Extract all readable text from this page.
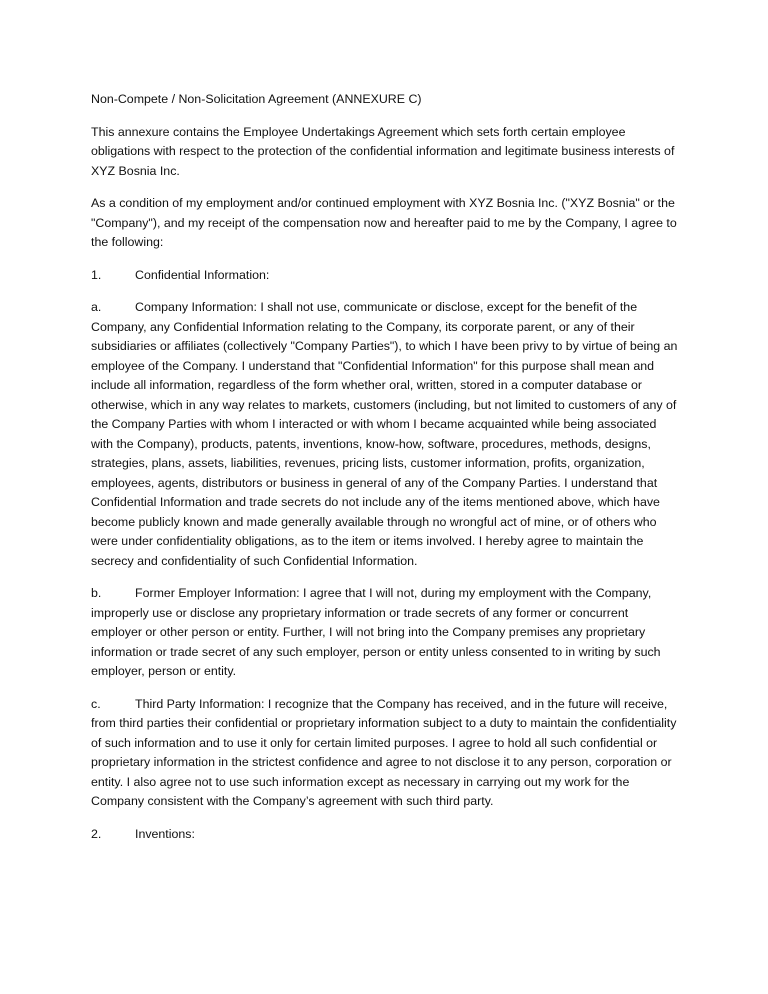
Non-Compete / Non-Solicitation Agreement (ANNEXURE C)

This annexure contains the Employee Undertakings Agreement which sets forth certain employee obligations with respect to the protection of the confidential information and legitimate business interests of XYZ Bosnia Inc.

As a condition of my employment and/or continued employment with XYZ Bosnia Inc. ("XYZ Bosnia" or the "Company"), and my receipt of the compensation now and hereafter paid to me by the Company, I agree to the following:

1.	Confidential Information:

a.	Company Information: I shall not use, communicate or disclose, except for the benefit of the Company, any Confidential Information relating to the Company, its corporate parent, or any of their subsidiaries or affiliates (collectively "Company Parties"), to which I have been privy to by virtue of being an employee of the Company. I understand that "Confidential Information" for this purpose shall mean and include all information, regardless of the form whether oral, written, stored in a computer database or otherwise, which in any way relates to markets, customers (including, but not limited to customers of any of the Company Parties with whom I interacted or with whom I became acquainted while being associated with the Company), products, patents, inventions, know-how, software, procedures, methods, designs, strategies, plans, assets, liabilities, revenues, pricing lists, customer information, profits, organization, employees, agents, distributors or business in general of any of the Company Parties. I understand that Confidential Information and trade secrets do not include any of the items mentioned above, which have become publicly known and made generally available through no wrongful act of mine, or of others who were under confidentiality obligations, as to the item or items involved. I hereby agree to maintain the secrecy and confidentiality of such Confidential Information.

b.	Former Employer Information: I agree that I will not, during my employment with the Company, improperly use or disclose any proprietary information or trade secrets of any former or concurrent employer or other person or entity. Further, I will not bring into the Company premises any proprietary information or trade secret of any such employer, person or entity unless consented to in writing by such employer, person or entity.

c.	Third Party Information: I recognize that the Company has received, and in the future will receive, from third parties their confidential or proprietary information subject to a duty to maintain the confidentiality of such information and to use it only for certain limited purposes. I agree to hold all such confidential or proprietary information in the strictest confidence and agree to not disclose it to any person, corporation or entity. I also agree not to use such information except as necessary in carrying out my work for the Company consistent with the Company’s agreement with such third party.

2.	Inventions:
